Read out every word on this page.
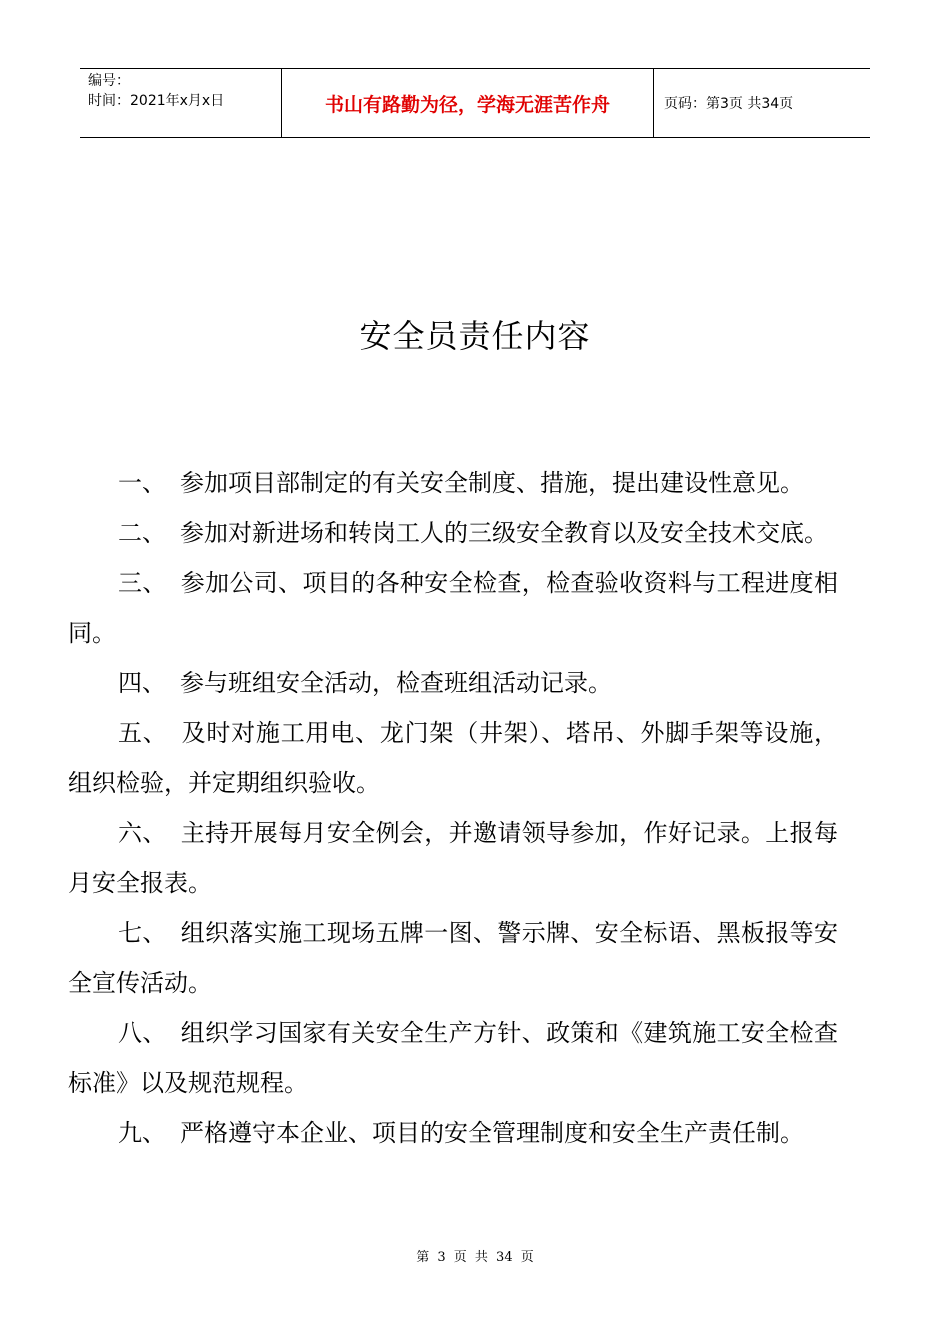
编号：
时间：2021年x月x日	书山有路勤为径，学海无涯苦作舟	页码：第3页 共34页
安全员责任内容

一、 参加项目部制定的有关安全制度、措施，提出建设性意见。

二、 参加对新进场和转岗工人的三级安全教育以及安全技术交底。

三、 参加公司、项目的各种安全检查，检查验收资料与工程进度相同。

四、 参与班组安全活动，检查班组活动记录。

五、 及时对施工用电、龙门架（井架）、塔吊、外脚手架等设施，组织检验，并定期组织验收。

六、 主持开展每月安全例会，并邀请领导参加，作好记录。上报每月安全报表。

七、 组织落实施工现场五牌一图、警示牌、安全标语、黑板报等安全宣传活动。

八、 组织学习国家有关安全生产方针、政策和《建筑施工安全检查标准》以及规范规程。

九、 严格遵守本企业、项目的安全管理制度和安全生产责任制。

第 3 页 共 34 页
